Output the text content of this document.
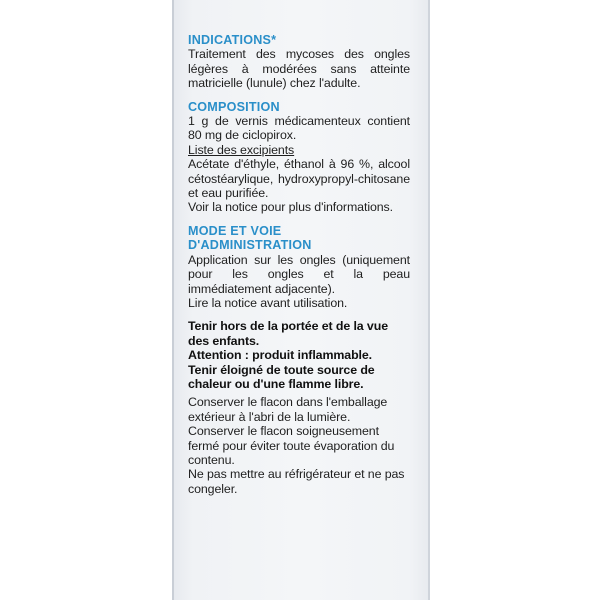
INDICATIONS*

Traitement des mycoses des ongles légères à modérées sans atteinte matricielle (lunule) chez l'adulte.

COMPOSITION

1 g de vernis médicamenteux contient 80 mg de ciclopirox.

Liste des excipients

Acétate d'éthyle, éthanol à 96 %, alcool cétostéarylique, hydroxypropyl-chitosane et eau purifiée.

Voir la notice pour plus d'informations.

MODE ET VOIE

D'ADMINISTRATION

Application sur les ongles (uniquement pour les ongles et la peau immédiatement adjacente).

Lire la notice avant utilisation.

Tenir hors de la portée et de la vue des enfants.

Attention : produit inflammable.

Tenir éloigné de toute source de chaleur ou d'une flamme libre.

Conserver le flacon dans l'emballage extérieur à l'abri de la lumière.

Conserver le flacon soigneusement fermé pour éviter toute évaporation du contenu.

Ne pas mettre au réfrigérateur et ne pas congeler.
